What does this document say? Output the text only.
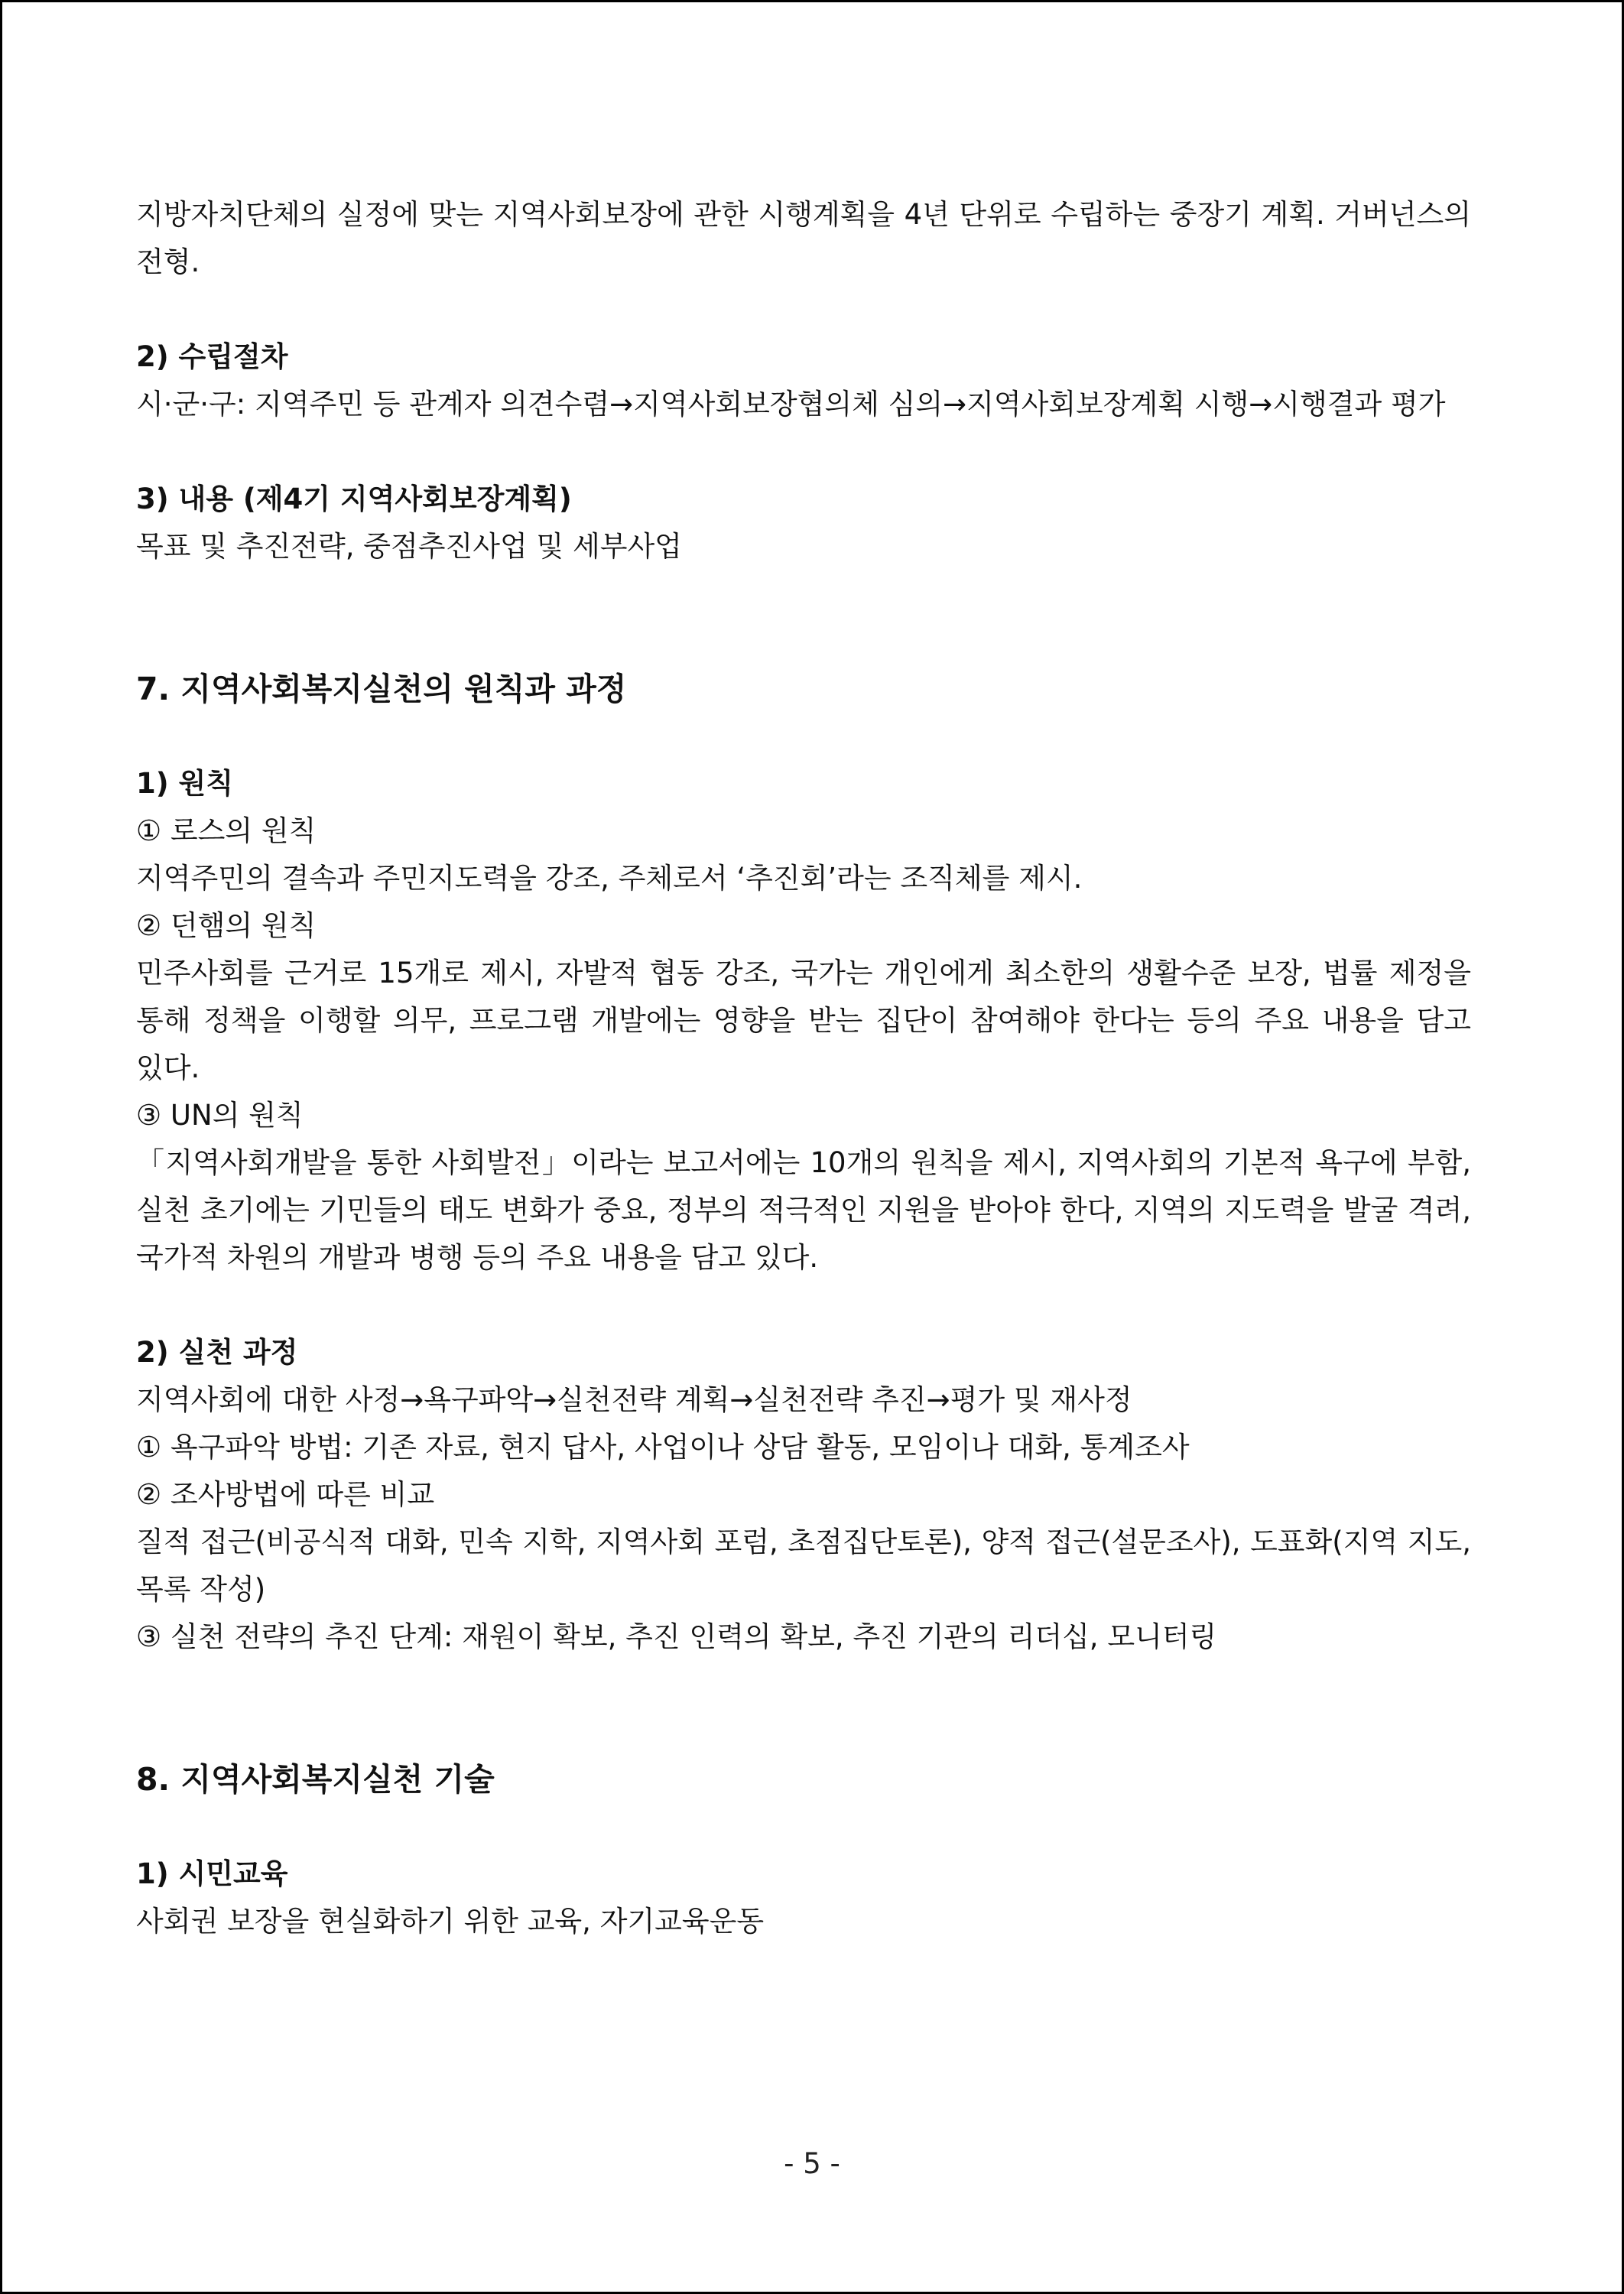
지방자치단체의 실정에 맞는 지역사회보장에 관한 시행계획을 4년 단위로 수립하는 중장기 계획. 거버넌스의 전형.

2) 수립절차

시·군·구: 지역주민 등 관계자 의견수렴→지역사회보장협의체 심의→지역사회보장계획 시행→시행결과 평가

3) 내용 (제4기 지역사회보장계획)

목표 및 추진전략, 중점추진사업 및 세부사업

7. 지역사회복지실천의 원칙과 과정

1) 원칙

① 로스의 원칙

지역주민의 결속과 주민지도력을 강조, 주체로서 ‘추진회’라는 조직체를 제시.

② 던햄의 원칙

민주사회를 근거로 15개로 제시, 자발적 협동 강조, 국가는 개인에게 최소한의 생활수준 보장, 법률 제정을 통해 정책을 이행할 의무, 프로그램 개발에는 영향을 받는 집단이 참여해야 한다는 등의 주요 내용을 담고 있다.

③ UN의 원칙

「지역사회개발을 통한 사회발전」이라는 보고서에는 10개의 원칙을 제시, 지역사회의 기본적 욕구에 부함, 실천 초기에는 기민들의 태도 변화가 중요, 정부의 적극적인 지원을 받아야 한다, 지역의 지도력을 발굴 격려, 국가적 차원의 개발과 병행 등의 주요 내용을 담고 있다.

2) 실천 과정

지역사회에 대한 사정→욕구파악→실천전략 계획→실천전략 추진→평가 및 재사정

① 욕구파악 방법: 기존 자료, 현지 답사, 사업이나 상담 활동, 모임이나 대화, 통계조사

② 조사방법에 따른 비교

질적 접근(비공식적 대화, 민속 지학, 지역사회 포럼, 초점집단토론), 양적 접근(설문조사), 도표화(지역 지도, 목록 작성)

③ 실천 전략의 추진 단계: 재원이 확보, 추진 인력의 확보, 추진 기관의 리더십, 모니터링

8. 지역사회복지실천 기술

1) 시민교육

사회권 보장을 현실화하기 위한 교육, 자기교육운동

- 5 -
